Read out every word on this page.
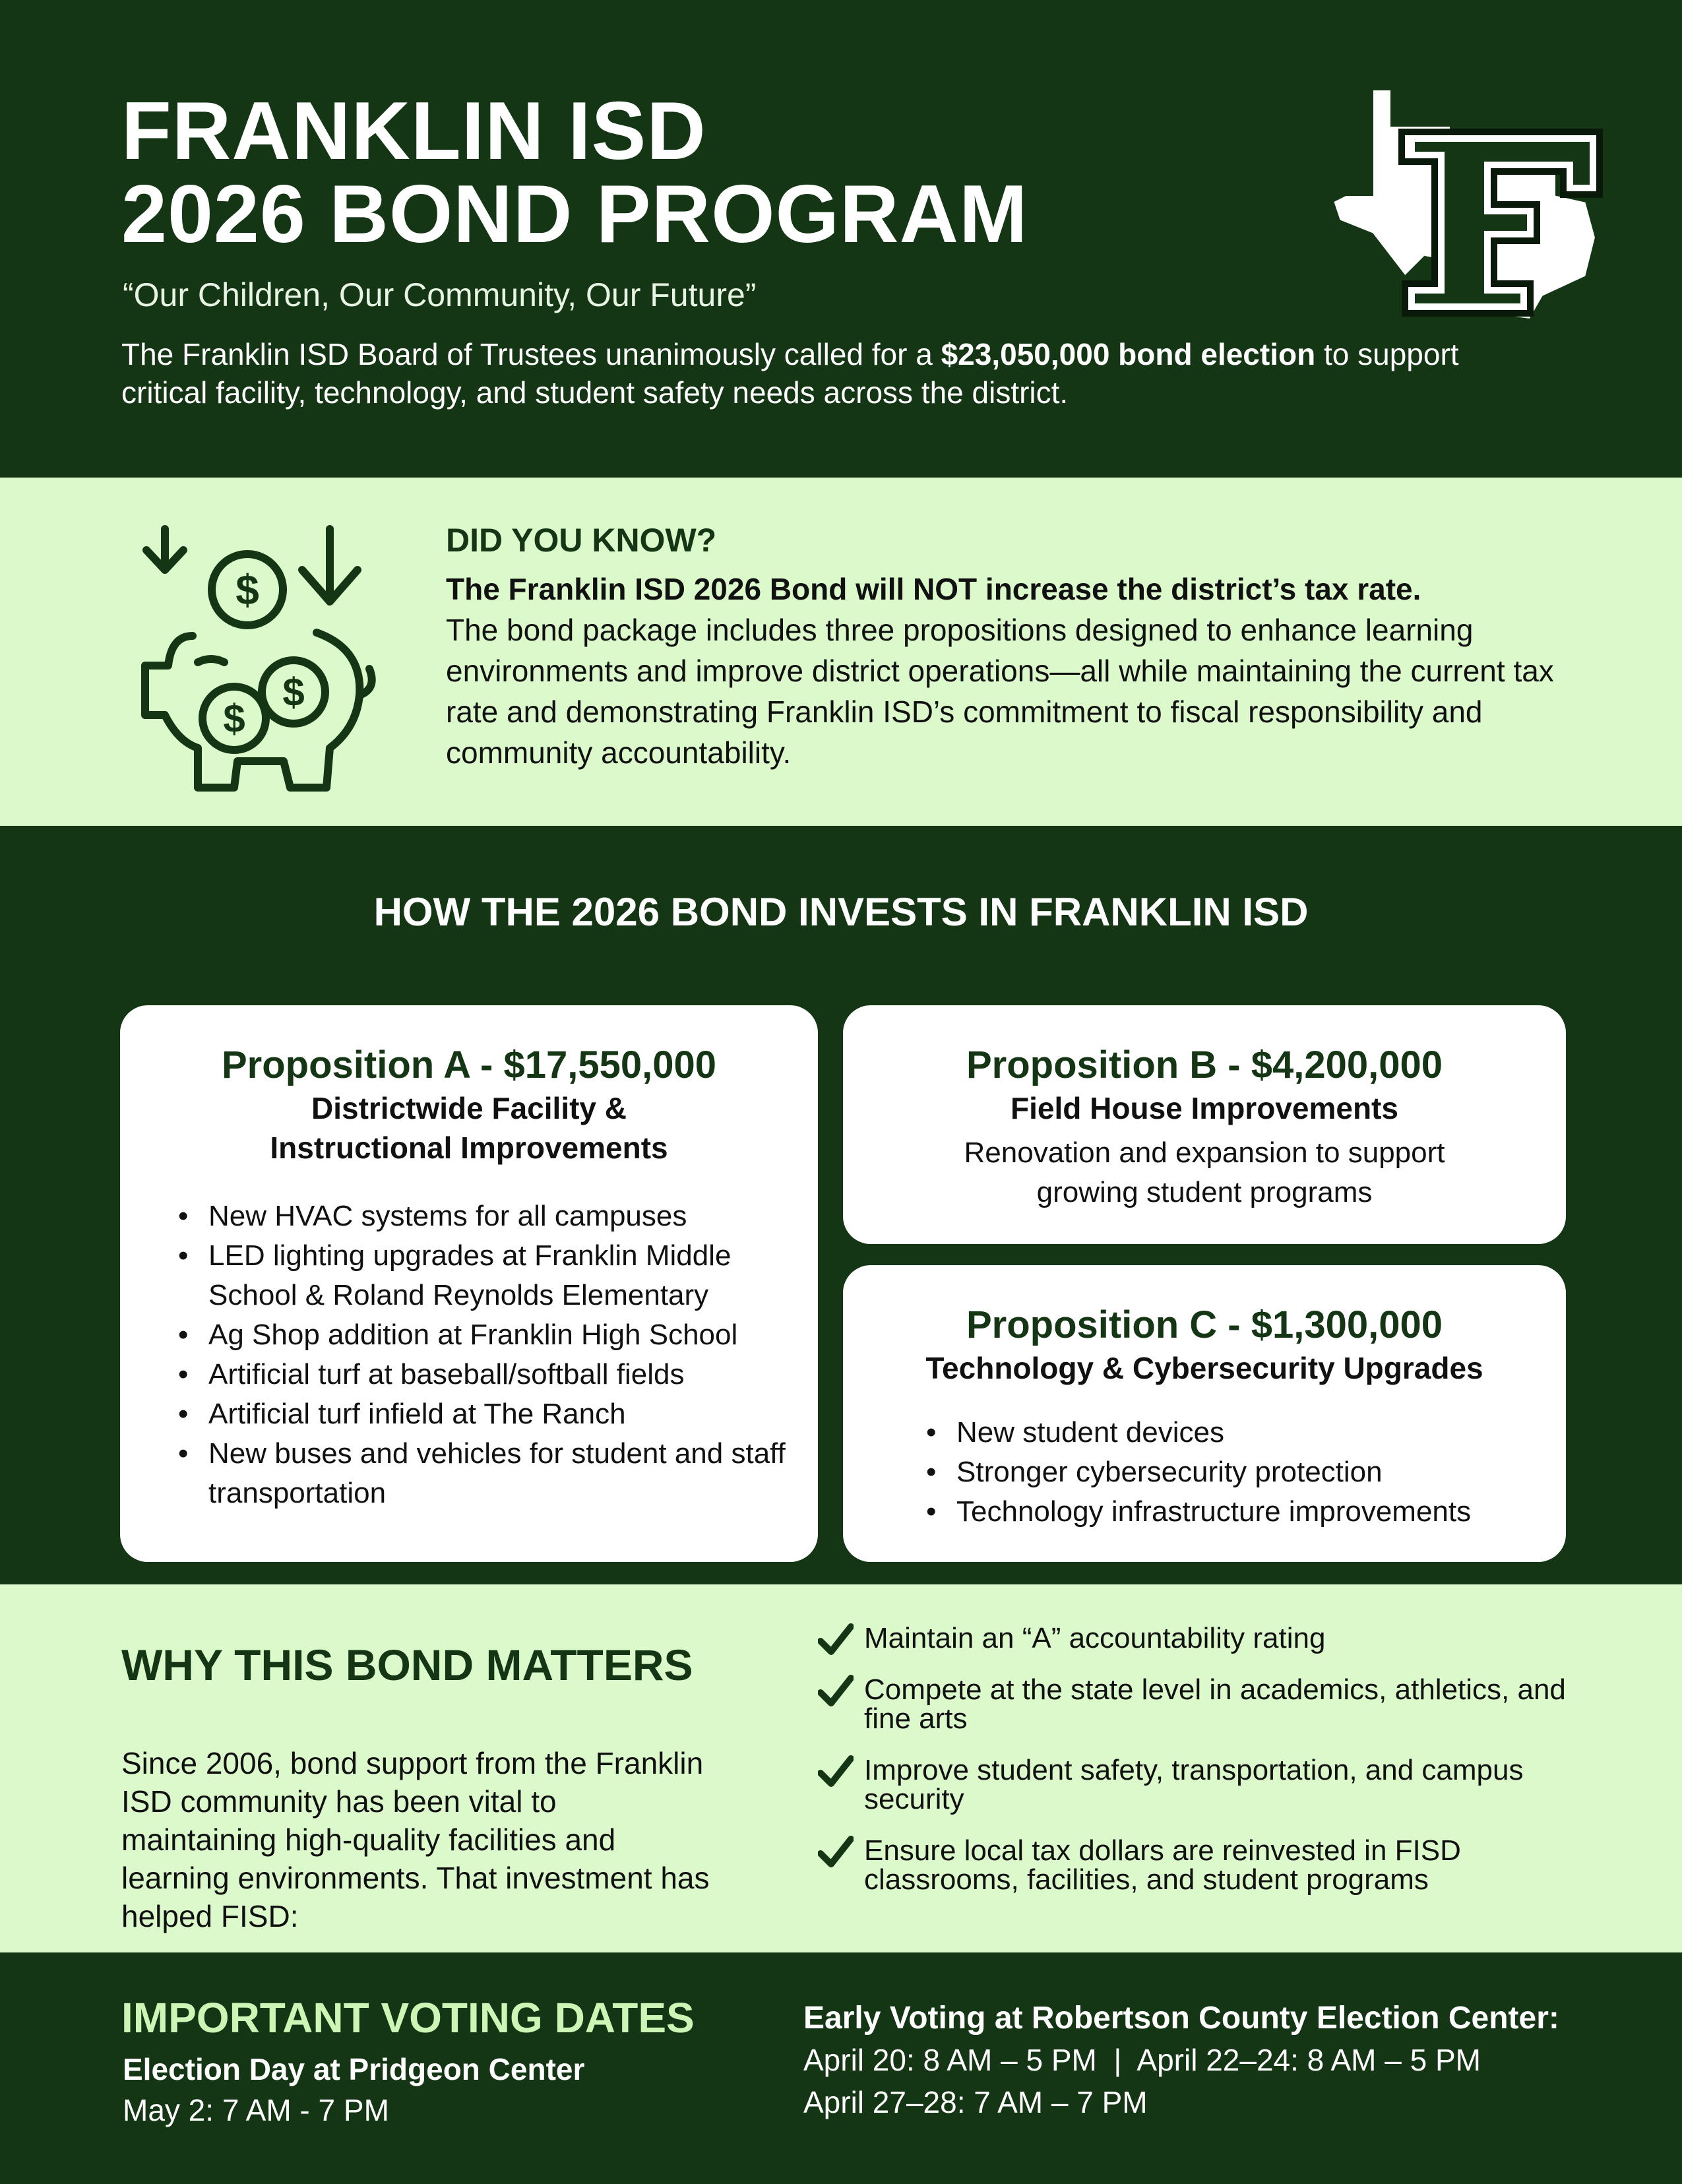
FRANKLIN ISD
2026 BOND PROGRAM
“Our Children, Our Community, Our Future”
The Franklin ISD Board of Trustees unanimously called for a $23,050,000 bond election to support critical facility, technology, and student safety needs across the district.
$
$
$
DID YOU KNOW?
The Franklin ISD 2026 Bond will NOT increase the district’s tax rate.
The bond package includes three propositions designed to enhance learning environments and improve district operations—all while maintaining the current tax rate and demonstrating Franklin ISD’s commitment to fiscal responsibility and community accountability.
HOW THE 2026 BOND INVESTS IN FRANKLIN ISD
Proposition A - $17,550,000
Districtwide Facility &
Instructional Improvements
• New HVAC systems for all campuses
• LED lighting upgrades at Franklin Middle School & Roland Reynolds Elementary
• Ag Shop addition at Franklin High School
• Artificial turf at baseball/softball fields
• Artificial turf infield at The Ranch
• New buses and vehicles for student and staff transportation
Proposition B - $4,200,000
Field House Improvements
Renovation and expansion to support
growing student programs
Proposition C - $1,300,000
Technology & Cybersecurity Upgrades
• New student devices
• Stronger cybersecurity protection
• Technology infrastructure improvements
WHY THIS BOND MATTERS
Since 2006, bond support from the Franklin ISD community has been vital to maintaining high-quality facilities and learning environments. That investment has helped FISD:
Maintain an “A” accountability rating
Compete at the state level in academics, athletics, and fine arts
Improve student safety, transportation, and campus security
Ensure local tax dollars are reinvested in FISD classrooms, facilities, and student programs
IMPORTANT VOTING DATES
Election Day at Pridgeon Center
May 2: 7 AM - 7 PM
Early Voting at Robertson County Election Center:
April 20: 8 AM – 5 PM  |  April 22–24: 8 AM – 5 PM
April 27–28: 7 AM – 7 PM
